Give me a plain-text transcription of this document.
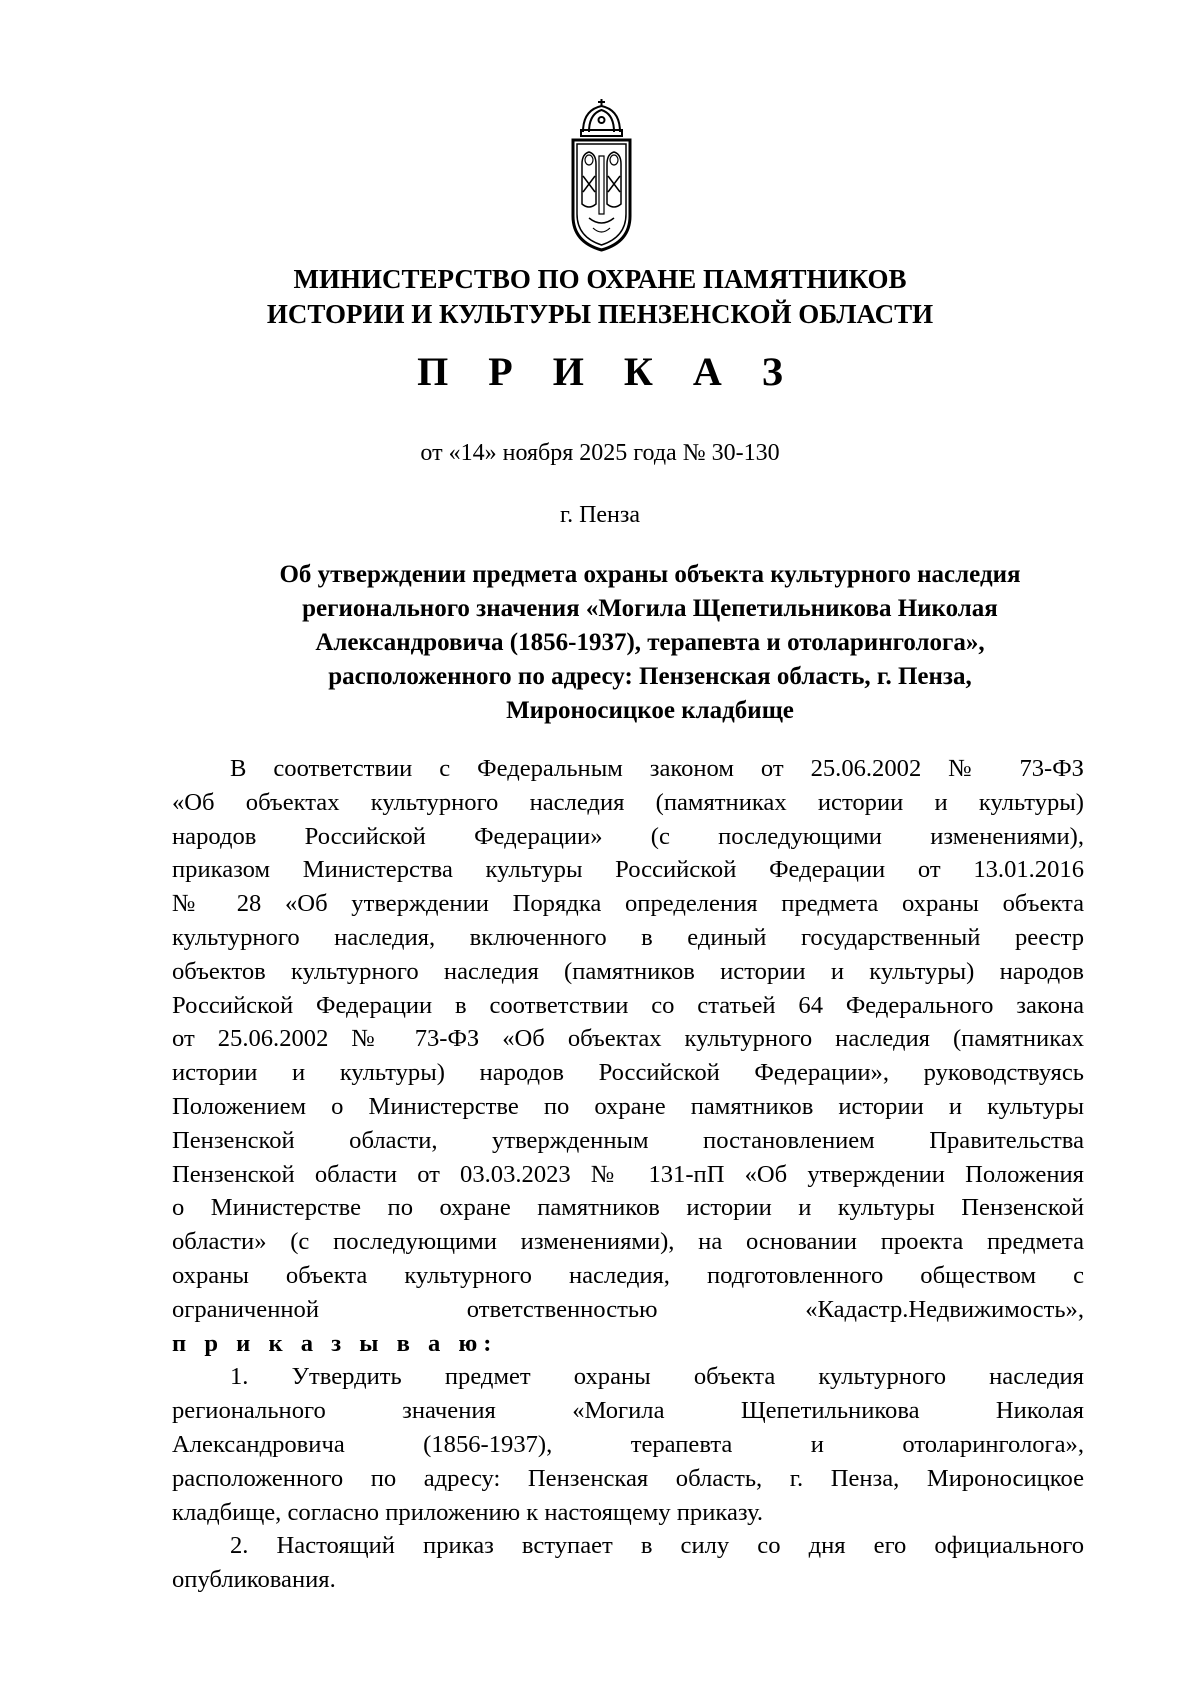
МИНИСТЕРСТВО ПО ОХРАНЕ ПАМЯТНИКОВ
ИСТОРИИ И КУЛЬТУРЫ ПЕНЗЕНСКОЙ ОБЛАСТИ
П Р И К А З
от «14» ноября 2025 года № 30-130
г. Пенза
Об утверждении предмета охраны объекта культурного наследия
регионального значения «Могила Щепетильникова Николая
Александровича (1856-1937), терапевта и отоларинголога»,
расположенного по адресу: Пензенская область, г. Пенза,
Мироносицкое кладбище
В соответствии с Федеральным законом от 25.06.2002 № 73-ФЗ
«Об объектах культурного наследия (памятниках истории и культуры)
народов Российской Федерации» (с последующими изменениями),
приказом Министерства культуры Российской Федерации от 13.01.2016
№ 28 «Об утверждении Порядка определения предмета охраны объекта
культурного наследия, включенного в единый государственный реестр
объектов культурного наследия (памятников истории и культуры) народов
Российской Федерации в соответствии со статьей 64 Федерального закона
от 25.06.2002 № 73-ФЗ «Об объектах культурного наследия (памятниках
истории и культуры) народов Российской Федерации», руководствуясь
Положением о Министерстве по охране памятников истории и культуры
Пензенской области, утвержденным постановлением Правительства
Пензенской области от 03.03.2023 № 131-пП «Об утверждении Положения
о Министерстве по охране памятников истории и культуры Пензенской
области» (с последующими изменениями), на основании проекта предмета
охраны объекта культурного наследия, подготовленного обществом с
ограниченной ответственностью «Кадастр.Недвижимость»,
п р и к а з ы в а ю:
1. Утвердить предмет охраны объекта культурного наследия
регионального значения «Могила Щепетильникова Николая
Александровича (1856-1937), терапевта и отоларинголога»,
расположенного по адресу: Пензенская область, г. Пенза, Мироносицкое
кладбище, согласно приложению к настоящему приказу.
2. Настоящий приказ вступает в силу со дня его официального
опубликования.
